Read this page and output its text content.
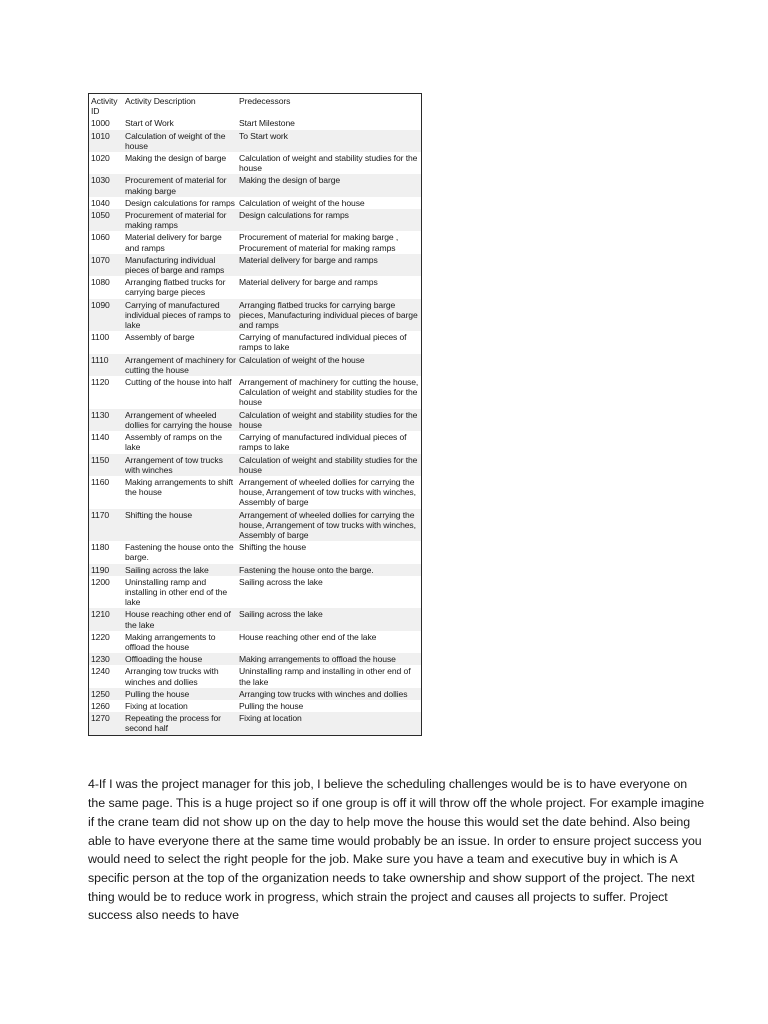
Activity ID	Activity Description	Predecessors
1000	Start of Work	Start Milestone
1010	Calculation of weight of the house	To Start work
1020	Making the design of barge	Calculation of weight and stability studies for the house
1030	Procurement of material for making barge	Making the design of barge
1040	Design calculations for ramps	Calculation of weight of the house
1050	Procurement of material for making ramps	Design calculations for ramps
1060	Material delivery for barge and ramps	Procurement of material for making barge , Procurement of material for making ramps
1070	Manufacturing individual pieces of barge and ramps	Material delivery for barge and ramps
1080	Arranging flatbed trucks for carrying barge pieces	Material delivery for barge and ramps
1090	Carrying of manufactured individual pieces of ramps to lake	Arranging flatbed trucks for carrying barge pieces, Manufacturing individual pieces of barge and ramps
1100	Assembly of barge	Carrying of manufactured individual pieces of ramps to lake
1110	Arrangement of machinery for cutting the house	Calculation of weight of the house
1120	Cutting of the house into half	Arrangement of machinery for cutting the house, Calculation of weight and stability studies for the house
1130	Arrangement of wheeled dollies for carrying the house	Calculation of weight and stability studies for the house
1140	Assembly of ramps on the lake	Carrying of manufactured individual pieces of ramps to lake
1150	Arrangement of tow trucks with winches	Calculation of weight and stability studies for the house
1160	Making arrangements to shift the house	Arrangement of wheeled dollies for carrying the house, Arrangement of tow trucks with winches, Assembly of barge
1170	Shifting the house	Arrangement of wheeled dollies for carrying the house, Arrangement of tow trucks with winches, Assembly of barge
1180	Fastening the house onto the barge.	Shifting the house
1190	Sailing across the lake	Fastening the house onto the barge.
1200	Uninstalling ramp and installing in other end of the lake	Sailing across the lake
1210	House reaching other end of the lake	Sailing across the lake
1220	Making arrangements to offload the house	House reaching other end of the lake
1230	Offloading the house	Making arrangements to offload the house
1240	Arranging tow trucks with winches and dollies	Uninstalling ramp and installing in other end of the lake
1250	Pulling the house	Arranging tow trucks with winches and dollies
1260	Fixing at location	Pulling the house
1270	Repeating the process for second half	Fixing at location

4-If I was the project manager for this job, I believe the scheduling challenges would be is to have everyone on the same page. This is a huge project so if one group is off it will throw off the whole project. For example imagine if the crane team did not show up on the day to help move the house this would set the date behind. Also being able to have everyone there at the same time would probably be an issue. In order to ensure project success you would need to select the right people for the job. Make sure you have a team and executive buy in which is A specific person at the top of the organization needs to take ownership and show support of the project. The next thing would be to reduce work in progress, which strain the project and causes all projects to suffer. Project success also needs to have
